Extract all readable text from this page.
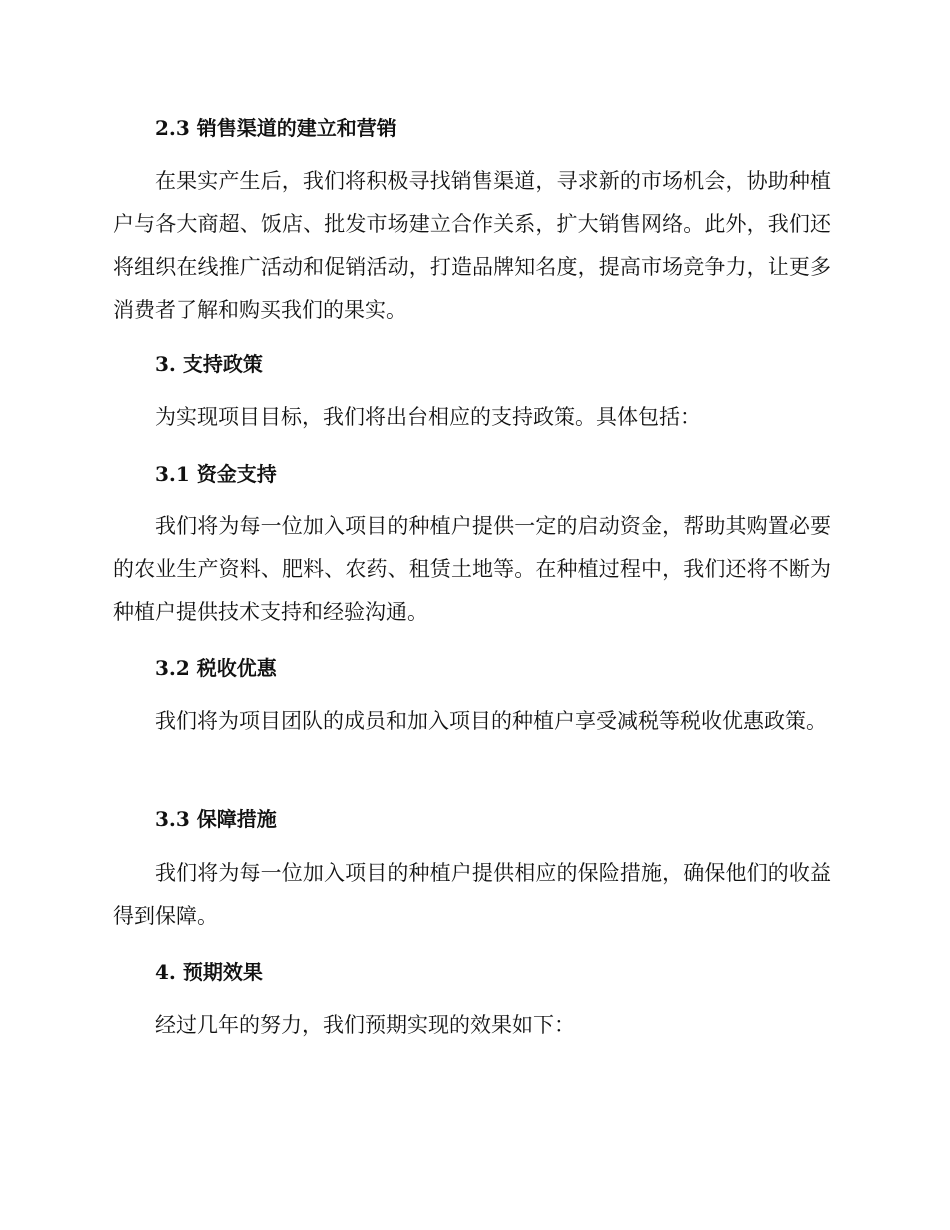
2.3 销售渠道的建立和营销
在果实产生后，我们将积极寻找销售渠道，寻求新的市场机会，协助种植户与各大商超、饭店、批发市场建立合作关系，扩大销售网络。此外，我们还将组织在线推广活动和促销活动，打造品牌知名度，提高市场竞争力，让更多消费者了解和购买我们的果实。
3. 支持政策
为实现项目目标，我们将出台相应的支持政策。具体包括：
3.1 资金支持
我们将为每一位加入项目的种植户提供一定的启动资金，帮助其购置必要的农业生产资料、肥料、农药、租赁土地等。在种植过程中，我们还将不断为种植户提供技术支持和经验沟通。
3.2 税收优惠
我们将为项目团队的成员和加入项目的种植户享受减税等税收优惠政策。
3.3 保障措施
我们将为每一位加入项目的种植户提供相应的保险措施，确保他们的收益得到保障。
4. 预期效果
经过几年的努力，我们预期实现的效果如下：
